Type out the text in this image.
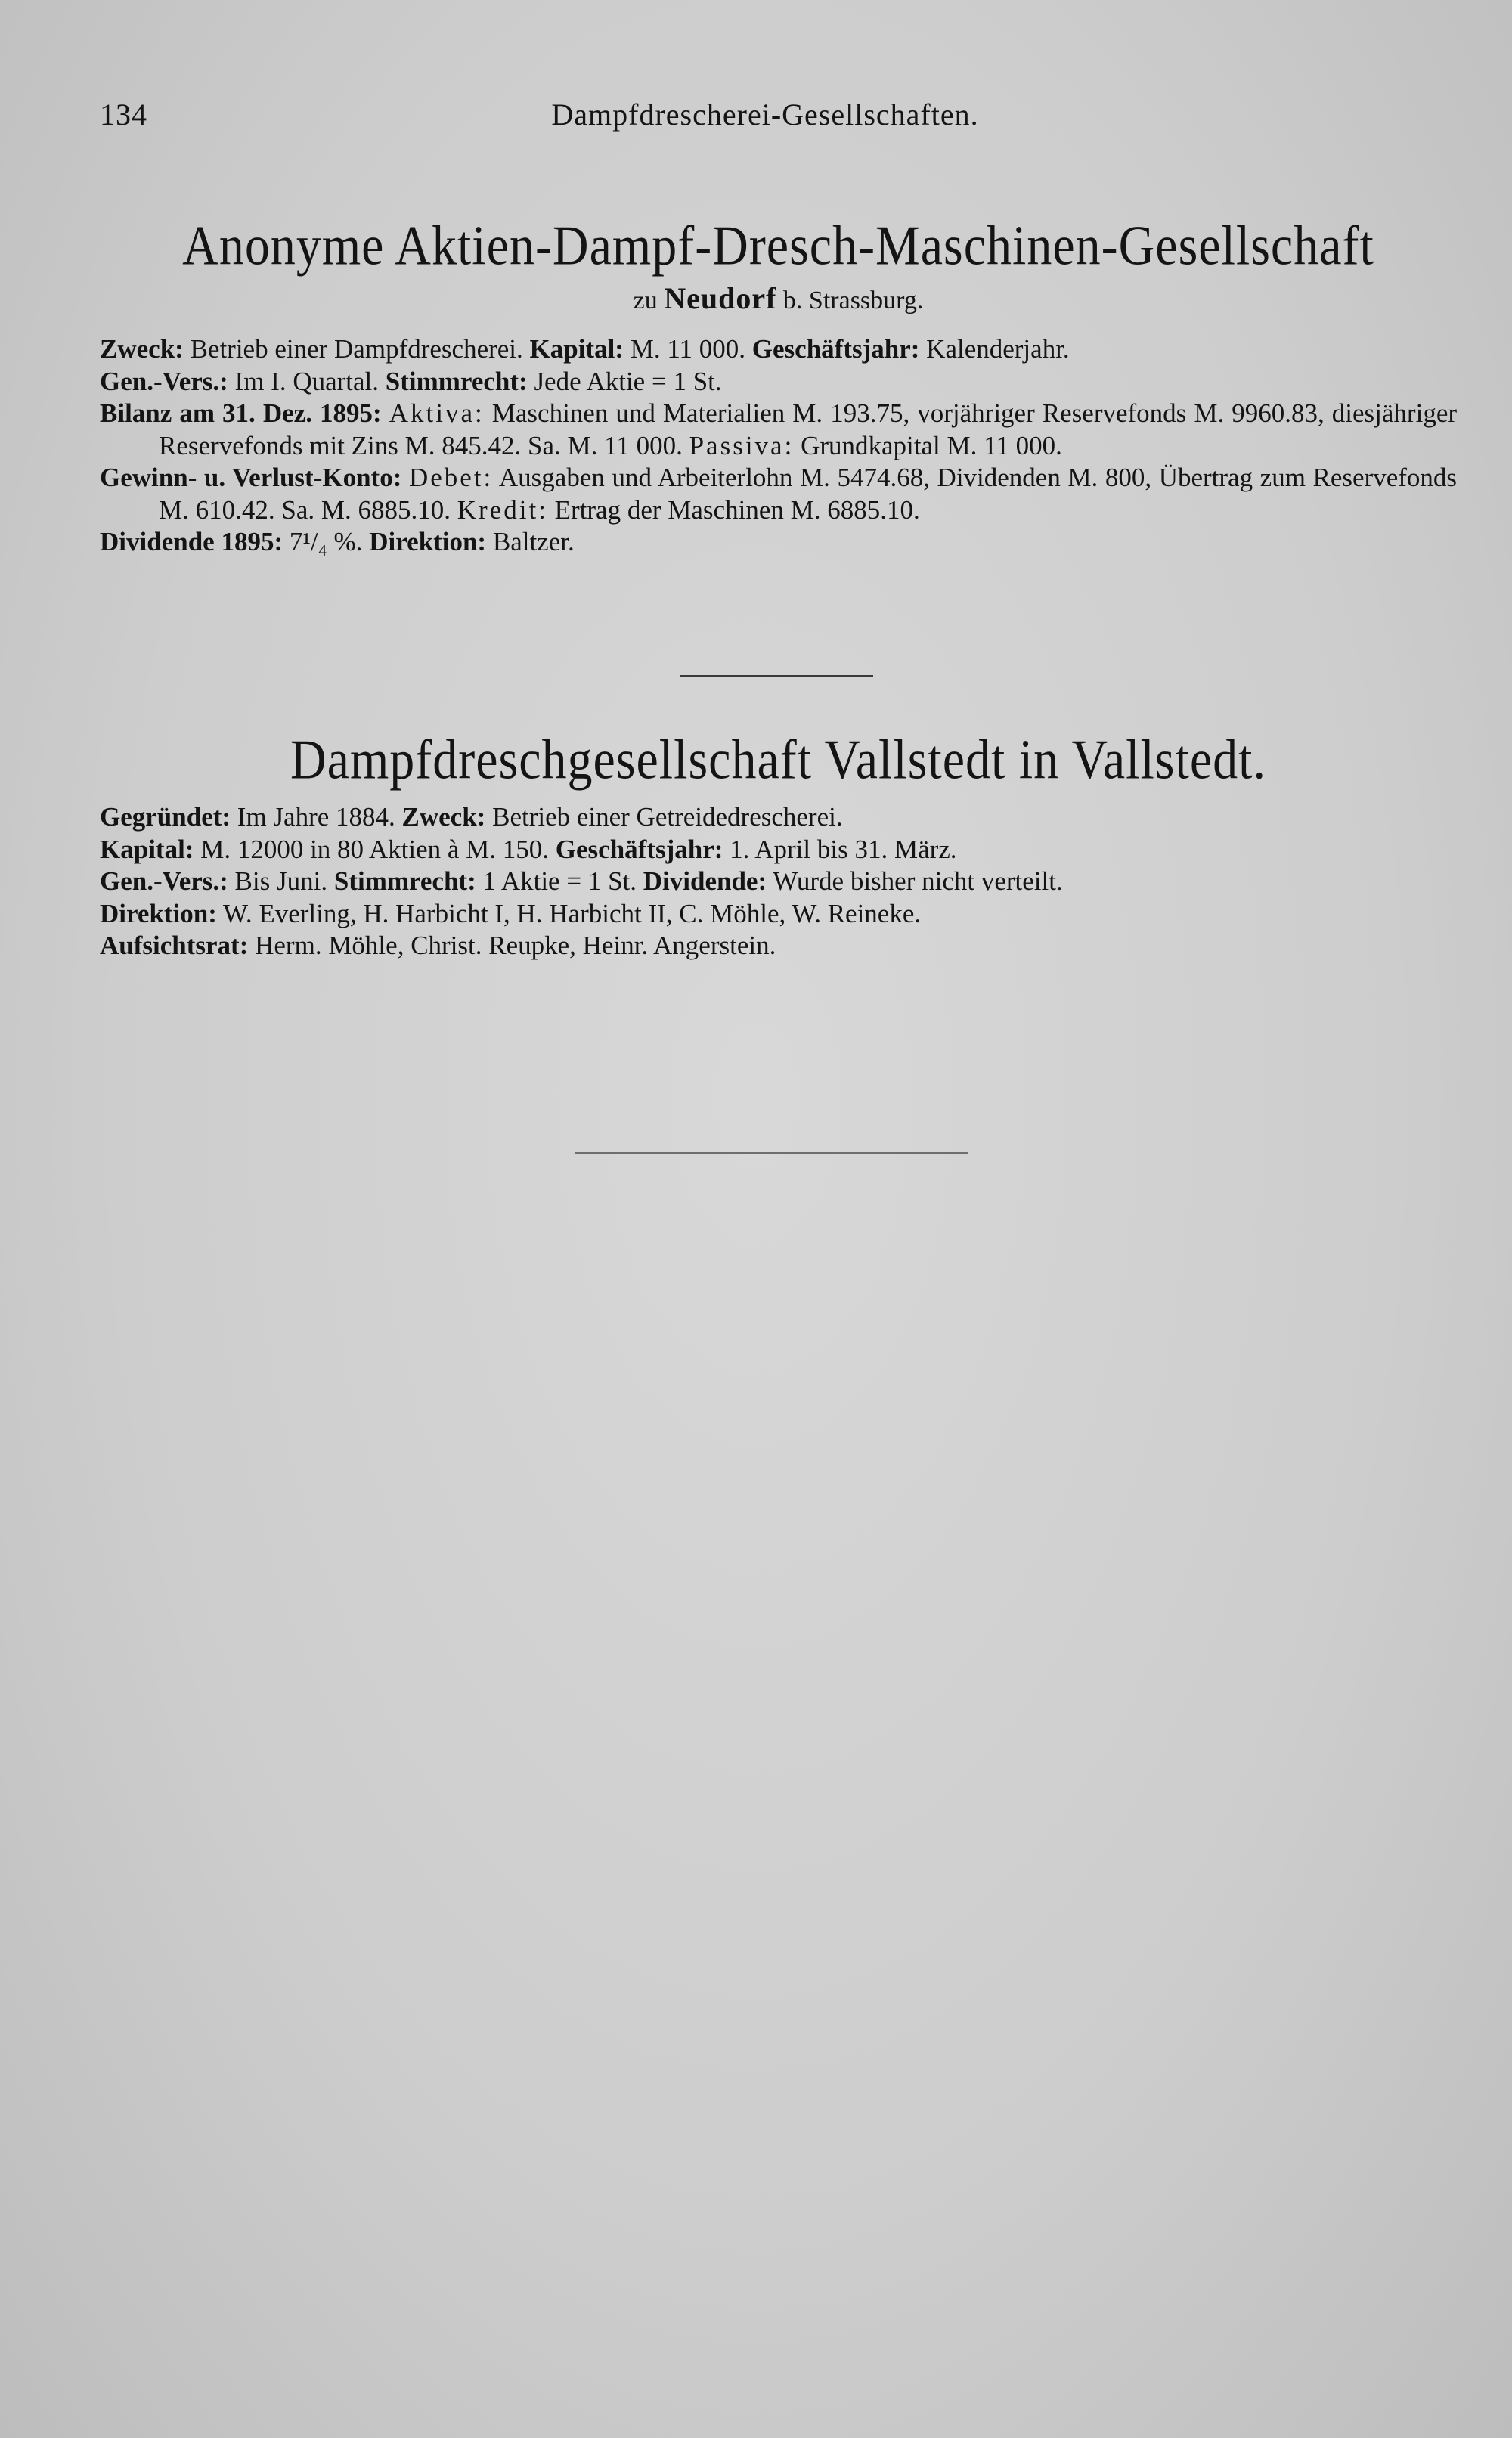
134	Dampfdrescherei-Gesellschaften.
Anonyme Aktien-Dampf-Dresch-Maschinen-Gesellschaft
zu Neudorf b. Strassburg.
Zweck: Betrieb einer Dampfdrescherei. Kapital: M. 11 000. Geschäftsjahr: Kalenderjahr.
Gen.-Vers.: Im I. Quartal. Stimmrecht: Jede Aktie = 1 St.
Bilanz am 31. Dez. 1895: Aktiva: Maschinen und Materialien M. 193.75, vorjähriger Reservefonds M. 9960.83, diesjähriger Reservefonds mit Zins M. 845.42. Sa. M. 11 000. Passiva: Grundkapital M. 11 000.
Gewinn- u. Verlust-Konto: Debet: Ausgaben und Arbeiterlohn M. 5474.68, Dividenden M. 800, Übertrag zum Reservefonds M. 610.42. Sa. M. 6885.10. Kredit: Ertrag der Maschinen M. 6885.10.
Dividende 1895: 7¹/₄ %. Direktion: Baltzer.
Dampfdreschgesellschaft Vallstedt in Vallstedt.
Gegründet: Im Jahre 1884. Zweck: Betrieb einer Getreidedrescherei.
Kapital: M. 12000 in 80 Aktien à M. 150. Geschäftsjahr: 1. April bis 31. März.
Gen.-Vers.: Bis Juni. Stimmrecht: 1 Aktie = 1 St. Dividende: Wurde bisher nicht verteilt.
Direktion: W. Everling, H. Harbicht I, H. Harbicht II, C. Möhle, W. Reineke.
Aufsichtsrat: Herm. Möhle, Christ. Reupke, Heinr. Angerstein.
